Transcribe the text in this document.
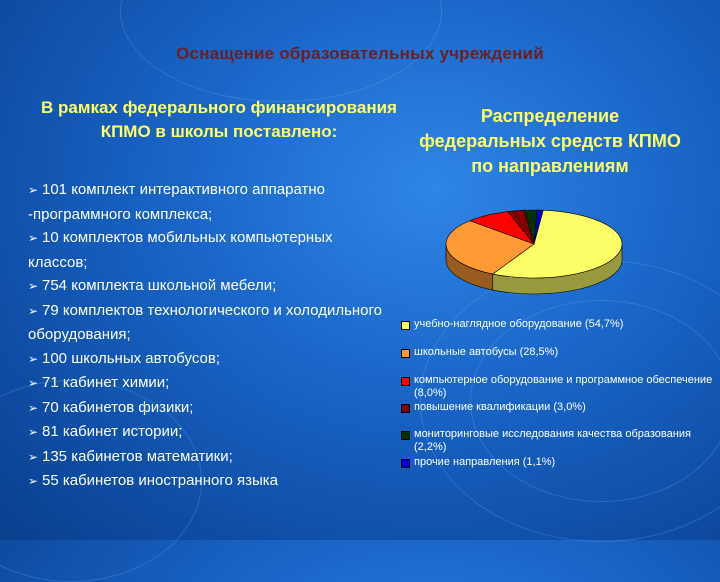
Оснащение образовательных учреждений
В рамках федерального финансирования КПМО в школы поставлено:
➢ 101 комплект интерактивного аппаратно -программного комплекса;
➢ 10 комплектов мобильных компьютерных классов;
➢ 754 комплекта школьной мебели;
➢ 79 комплектов технологического и холодильного оборудования;
➢ 100 школьных автобусов;
➢ 71 кабинет химии;
➢ 70 кабинетов физики;
➢ 81 кабинет истории;
➢ 135 кабинетов математики;
➢ 55 кабинетов иностранного языка
Распределение федеральных средств КПМО по направлениям
учебно-наглядное оборудование (54,7%)
школьные автобусы (28,5%)
компьютерное оборудование и программное обеспечение (8,0%)
повышение квалификации (3,0%)
мониторинговые исследования качества образования (2,2%)
прочие направления (1,1%)
